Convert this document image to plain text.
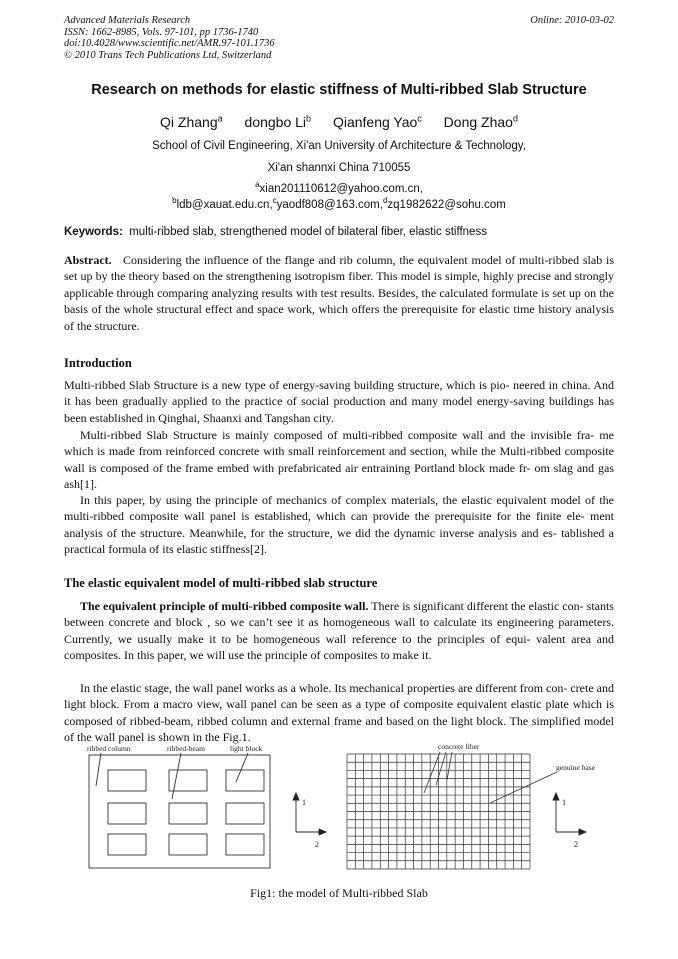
Advanced Materials Research
ISSN: 1662-8985, Vols. 97-101, pp 1736-1740
doi:10.4028/www.scientific.net/AMR.97-101.1736
© 2010 Trans Tech Publications Ltd, Switzerland
Online: 2010-03-02
Research on methods for elastic stiffness of Multi-ribbed Slab Structure
Qi Zhang$^a$ dongbo Li$^b$ Qianfeng Yao$^c$ Dong Zhao$^d$
School of Civil Engineering, Xi'an University of Architecture & Technology,
Xi'an shannxi China 710055
$^a$xian201110612@yahoo.com.cn,
$^b$ldb@xauat.edu.cn,$^c$yaodf808@163.com,$^d$zq1982622@sohu.com
Keywords: multi-ribbed slab, strengthened model of bilateral fiber, elastic stiffness
Abstract. Considering the influence of the flange and rib column, the equivalent model of multi-ribbed slab is set up by the theory based on the strengthening isotropism fiber. This model is simple, highly precise and strongly applicable through comparing analyzing results with test results. Besides, the calculated formulate is set up on the basis of the whole structural effect and space work, which offers the prerequisite for elastic time history analysis of the structure.
Introduction
Multi-ribbed Slab Structure is a new type of energy-saving building structure, which is pio- neered in china. And it has been gradually applied to the practice of social production and many model energy-saving buildings has been established in Qinghai, Shaanxi and Tangshan city.
Multi-ribbed Slab Structure is mainly composed of multi-ribbed composite wall and the invisible fra- me which is made from reinforced concrete with small reinforcement and section, while the Multi-ribbed composite wall is composed of the frame embed with prefabricated air entraining Portland block made fr- om slag and gas ash[1].
In this paper, by using the principle of mechanics of complex materials, the elastic equivalent model of the multi-ribbed composite wall panel is established, which can provide the prerequisite for the finite ele- ment analysis of the structure. Meanwhile, for the structure, we did the dynamic inverse analysis and es- tablished a practical formula of its elastic stiffness[2].
The elastic equivalent model of multi-ribbed slab structure
The equivalent principle of multi-ribbed composite wall. There is significant different the elastic con- stants between concrete and block , so we can’t see it as homogeneous wall to calculate its engineering parameters. Currently, we usually make it to be homogeneous wall reference to the principles of equi- valent area and composites. In this paper, we will use the principle of composites to make it.
In the elastic stage, the wall panel works as a whole. Its mechanical properties are different from con- crete and light block. From a macro view, wall panel can be seen as a type of composite equivalent elastic plate which is composed of ribbed-beam, ribbed column and external frame and based on the light block. The simplified model of the wall panel is shown in the Fig.1.
ribbed column	ribbed-beam	light block
1
2
concrete fiber
genuine base
1
2
Fig1: the model of Multi-ribbed Slab
